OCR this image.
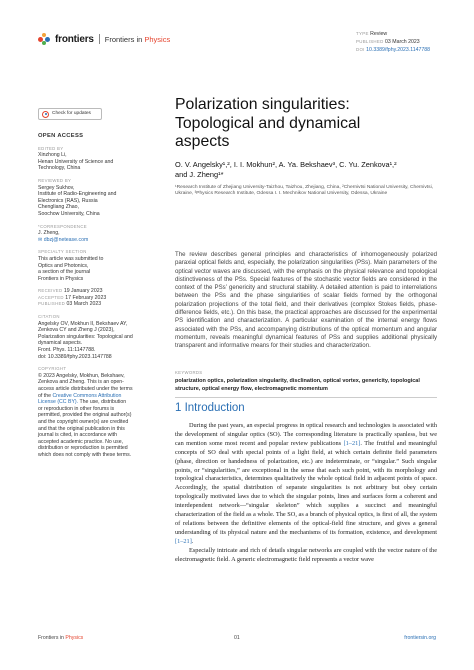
frontiers Frontiers in Physics
TYPE Review
PUBLISHED 03 March 2023
DOI 10.3389/fphy.2023.1147788
Check for updates
OPEN ACCESS
EDITED BY
Xinzhong Li,
Henan University of Science and
Technology, China
REVIEWED BY
Sergey Sukhov,
Institute of Radio-Engineering and
Electronics (RAS), Russia
Chengliang Zhao,
Soochow University, China
*CORRESPONDENCE
J. Zheng,
✉ dbzj@netease.com
SPECIALTY SECTION
This article was submitted to
Optics and Photonics,
a section of the journal
Frontiers in Physics
RECEIVED 19 January 2023
ACCEPTED 17 February 2023
PUBLISHED 03 March 2023
CITATION
Angelsky OV, Mokhun II, Bekshaev AY,
Zenkova CY and Zheng J (2023),
Polarization singularities: Topological and
dynamical aspects.
Front. Phys. 11:1147788.
doi: 10.3389/fphy.2023.1147788
COPYRIGHT
© 2023 Angelsky, Mokhun, Bekshaev,
Zenkova and Zheng. This is an open-
access article distributed under the terms
of the Creative Commons Attribution
License (CC BY). The use, distribution
or reproduction in other forums is
permitted, provided the original author(s)
and the copyright owner(s) are credited
and that the original publication in this
journal is cited, in accordance with
accepted academic practice. No use,
distribution or reproduction is permitted
which does not comply with these terms.
Polarization singularities:
Topological and dynamical
aspects
O. V. Angelsky¹,², I. I. Mokhun², A. Ya. Bekshaev³, C. Yu. Zenkova¹,²
and J. Zheng¹*
¹Research Institute of Zhejiang University-Taizhou, Taizhou, Zhejiang, China, ²Chernivtsi National University, Chernivtsi, Ukraine, ³Physics Research Institute, Odessa I. I. Mechnikov National University, Odessa, Ukraine
The review describes general principles and characteristics of inhomogeneously polarized paraxial optical fields and, especially, the polarization singularities (PSs). Main parameters of the optical vector waves are discussed, with the emphasis on the physical relevance and topological distinctiveness of the PSs. Special features of the stochastic vector fields are considered in the context of the PSs’ genericity and structural stability. A detailed attention is paid to interrelations between the PSs and the phase singularities of scalar fields formed by the orthogonal polarization projections of the total field, and their derivatives (complex Stokes fields, phase-difference fields, etc.). On this base, the practical approaches are discussed for the experimental PS identification and characterization. A particular examination of the internal energy flows associated with the PSs, and accompanying distributions of the optical momentum and angular momentum, reveals meaningful dynamical features of PSs and supplies additional physically transparent and informative means for their studies and characterization.
KEYWORDS
polarization optics, polarization singularity, disclination, optical vortex, genericity, topological structure, optical energy flow, electromagnetic momentum
1 Introduction

During the past years, an especial progress in optical research and technologies is associated with the development of singular optics (SO). The corresponding literature is practically spanless, but we can mention some most recent and popular review publications [1–21]. The fruitful and meaningful concepts of SO deal with special points of a light field, at which certain definite field parameters (phase, direction or handedness of polarization, etc.) are indeterminate, or “singular.” Such singular points, or “singularities,” are exceptional in the sense that each such point, with its morphology and topological characteristics, determines qualitatively the whole optical field in adjacent points of space. Accordingly, the spatial distribution of separate singularities is not arbitrary but obey certain topologically motivated laws due to which the singular points, lines and surfaces form a coherent and interdependent network—“singular skeleton” which supplies a succinct and meaningful characterization of the field as a whole. The SO, as a branch of physical optics, is first of all, the system of relations between the definitive elements of the optical-field fine structure, and gives a general understanding of its physical nature and the mechanisms of its formation, existence, and development [1–21].

Especially intricate and rich of details singular networks are coupled with the vector nature of the electromagnetic field. A generic electromagnetic field represents a vector wave

Frontiers in Physics	01	frontiersin.org
